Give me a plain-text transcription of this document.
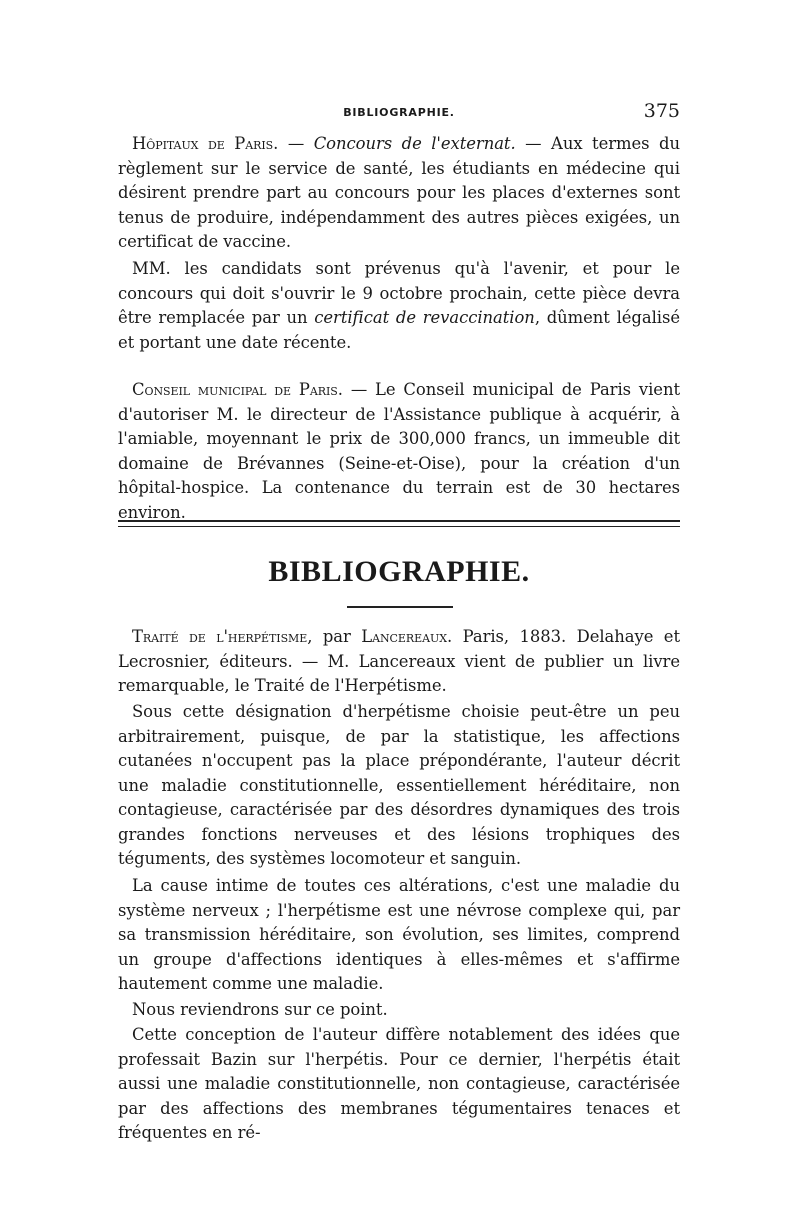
BIBLIOGRAPHIE.	375

Hôpitaux de Paris. — Concours de l'externat. — Aux termes du règlement sur le service de santé, les étudiants en médecine qui désirent prendre part au concours pour les places d'externes sont tenus de produire, indépendamment des autres pièces exigées, un certificat de vaccine.

MM. les candidats sont prévenus qu'à l'avenir, et pour le concours qui doit s'ouvrir le 9 octobre prochain, cette pièce devra être remplacée par un certificat de revaccination, dûment légalisé et portant une date récente.

Conseil municipal de Paris. — Le Conseil municipal de Paris vient d'autoriser M. le directeur de l'Assistance publique à acquérir, à l'amiable, moyennant le prix de 300,000 francs, un immeuble dit domaine de Brévannes (Seine-et-Oise), pour la création d'un hôpital-hospice. La contenance du terrain est de 30 hectares environ.

BIBLIOGRAPHIE.

Traité de l'herpétisme, par Lancereaux. Paris, 1883. Delahaye et Lecrosnier, éditeurs. — M. Lancereaux vient de publier un livre remarquable, le Traité de l'Herpétisme.

Sous cette désignation d'herpétisme choisie peut-être un peu arbitrairement, puisque, de par la statistique, les affections cutanées n'occupent pas la place prépondérante, l'auteur décrit une maladie constitutionnelle, essentiellement héréditaire, non contagieuse, caractérisée par des désordres dynamiques des trois grandes fonctions nerveuses et des lésions trophiques des téguments, des systèmes locomoteur et sanguin.

La cause intime de toutes ces altérations, c'est une maladie du système nerveux ; l'herpétisme est une névrose complexe qui, par sa transmission héréditaire, son évolution, ses limites, comprend un groupe d'affections identiques à elles-mêmes et s'affirme hautement comme une maladie.

Nous reviendrons sur ce point.

Cette conception de l'auteur diffère notablement des idées que professait Bazin sur l'herpétis. Pour ce dernier, l'herpétis était aussi une maladie constitutionnelle, non contagieuse, caractérisée par des affections des membranes tégumentaires tenaces et fréquentes en ré-
